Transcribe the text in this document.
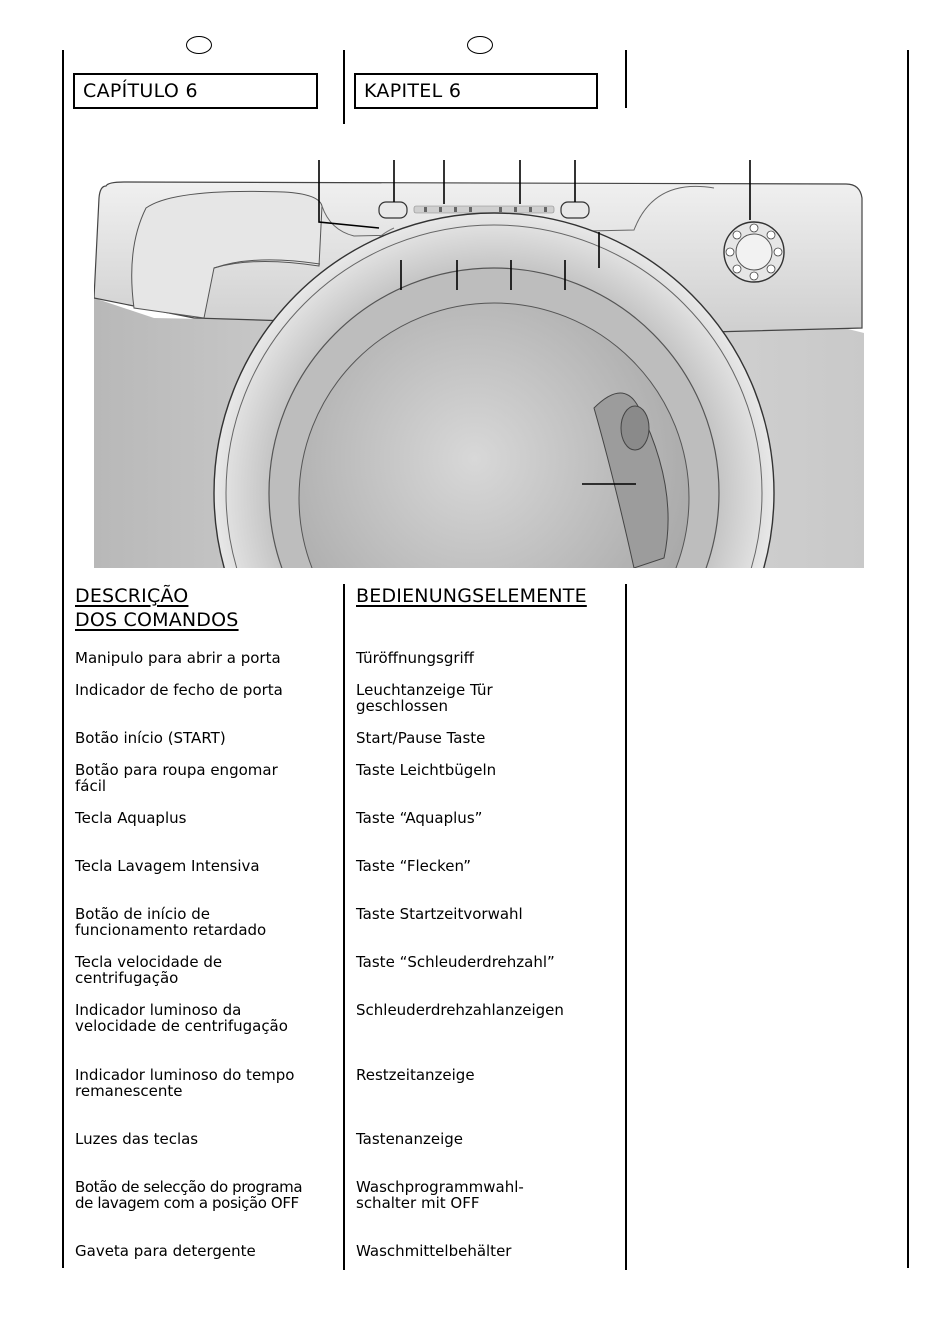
CAPÍTULO 6	KAPITEL 6
DESCRIÇÃO
DOS COMANDOS
BEDIENUNGSELEMENTE
Manipulo para abrir a porta
Indicador de fecho de porta
Botão início (START)
Botão para roupa engomar
fácil
Tecla Aquaplus
Tecla Lavagem Intensiva
Botão de início de
funcionamento retardado
Tecla velocidade de
centrifugação
Indicador luminoso da
velocidade de centrifugação
Indicador luminoso do tempo
remanescente
Luzes das teclas
Botão de selecção do programa
de lavagem com a posição OFF
Gaveta para detergente
Türöffnungsgriff
Leuchtanzeige Tür
geschlossen
Start/Pause Taste
Taste Leichtbügeln
Taste “Aquaplus”
Taste “Flecken”
Taste Startzeitvorwahl
Taste “Schleuderdrehzahl”
Schleuderdrehzahlanzeigen
Restzeitanzeige
Tastenanzeige
Waschprogrammwahl-
schalter mit OFF
Waschmittelbehälter
